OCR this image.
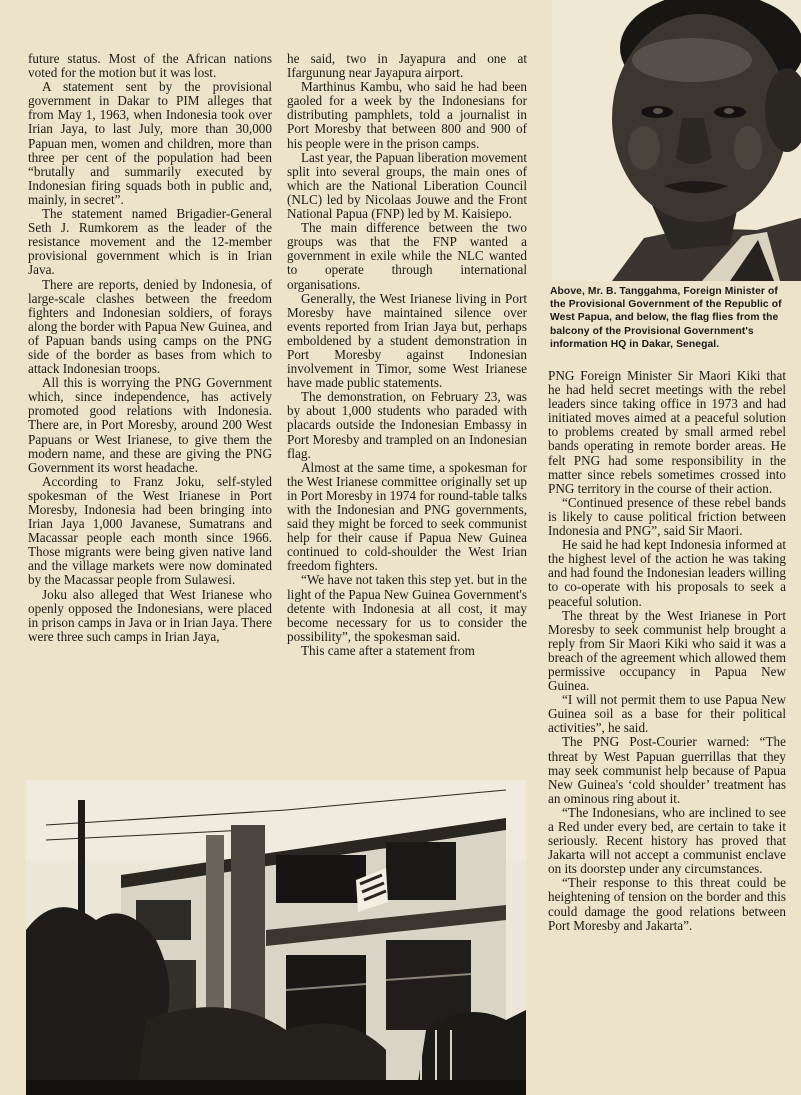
future status. Most of the African nations voted for the motion but it was lost.

A statement sent by the provisional government in Dakar to PIM alleges that from May 1, 1963, when Indonesia took over Irian Jaya, to last July, more than 30,000 Papuan men, women and children, more than three per cent of the population had been “brutally and summarily executed by Indonesian firing squads both in public and, mainly, in secret”.

The statement named Brigadier-General Seth J. Rumkorem as the leader of the resistance movement and the 12-member provisional government which is in Irian Java.

There are reports, denied by Indonesia, of large-scale clashes between the freedom fighters and Indonesian soldiers, of forays along the border with Papua New Guinea, and of Papuan bands using camps on the PNG side of the border as bases from which to attack Indonesian troops.

All this is worrying the PNG Government which, since independence, has actively promoted good relations with Indonesia. There are, in Port Moresby, around 200 West Papuans or West Irianese, to give them the modern name, and these are giving the PNG Government its worst headache.

According to Franz Joku, self-styled spokesman of the West Irianese in Port Moresby, Indonesia had been bringing into Irian Jaya 1,000 Javanese, Sumatrans and Macassar people each month since 1966. Those migrants were being given native land and the village markets were now dominated by the Macassar people from Sulawesi.

Joku also alleged that West Irianese who openly opposed the Indonesians, were placed in prison camps in Java or in Irian Jaya. There were three such camps in Irian Jaya,

he said, two in Jayapura and one at Ifargunung near Jayapura airport.

Marthinus Kambu, who said he had been gaoled for a week by the Indonesians for distributing pamphlets, told a journalist in Port Moresby that between 800 and 900 of his people were in the prison camps.

Last year, the Papuan liberation movement split into several groups, the main ones of which are the National Liberation Council (NLC) led by Nicolaas Jouwe and the Front National Papua (FNP) led by M. Kaisiepo.

The main difference between the two groups was that the FNP wanted a government in exile while the NLC wanted to operate through international organisations.

Generally, the West Irianese living in Port Moresby have maintained silence over events reported from Irian Jaya but, perhaps emboldened by a student demonstration in Port Moresby against Indonesian involvement in Timor, some West Irianese have made public statements.

The demonstration, on February 23, was by about 1,000 students who paraded with placards outside the Indonesian Embassy in Port Moresby and trampled on an Indonesian flag.

Almost at the same time, a spokesman for the West Irianese committee originally set up in Port Moresby in 1974 for round-table talks with the Indonesian and PNG governments, said they might be forced to seek communist help for their cause if Papua New Guinea continued to cold-shoulder the West Irian freedom fighters.

“We have not taken this step yet. but in the light of the Papua New Guinea Government's detente with Indonesia at all cost, it may become necessary for us to consider the possibility”, the spokesman said.

This came after a statement from

Above, Mr. B. Tanggahma, Foreign Minister of the Provisional Government of the Republic of West Papua, and below, the flag flies from the balcony of the Provisional Government's information HQ in Dakar, Senegal.

PNG Foreign Minister Sir Maori Kiki that he had held secret meetings with the rebel leaders since taking office in 1973 and had initiated moves aimed at a peaceful solution to problems created by small armed rebel bands operating in remote border areas. He felt PNG had some responsibility in the matter since rebels sometimes crossed into PNG territory in the course of their action.

“Continued presence of these rebel bands is likely to cause political friction between Indonesia and PNG”, said Sir Maori.

He said he had kept Indonesia informed at the highest level of the action he was taking and had found the Indonesian leaders willing to co-operate with his proposals to seek a peaceful solution.

The threat by the West Irianese in Port Moresby to seek communist help brought a reply from Sir Maori Kiki who said it was a breach of the agreement which allowed them permissive occupancy in Papua New Guinea.

“I will not permit them to use Papua New Guinea soil as a base for their political activities”, he said.

The PNG Post-Courier warned: “The threat by West Papuan guerrillas that they may seek communist help because of Papua New Guinea's ‘cold shoulder’ treatment has an ominous ring about it.

“The Indonesians, who are inclined to see a Red under every bed, are certain to take it seriously. Recent history has proved that Jakarta will not accept a communist enclave on its doorstep under any circumstances.

“Their response to this threat could be heightening of tension on the border and this could damage the good relations between Port Moresby and Jakarta”.
